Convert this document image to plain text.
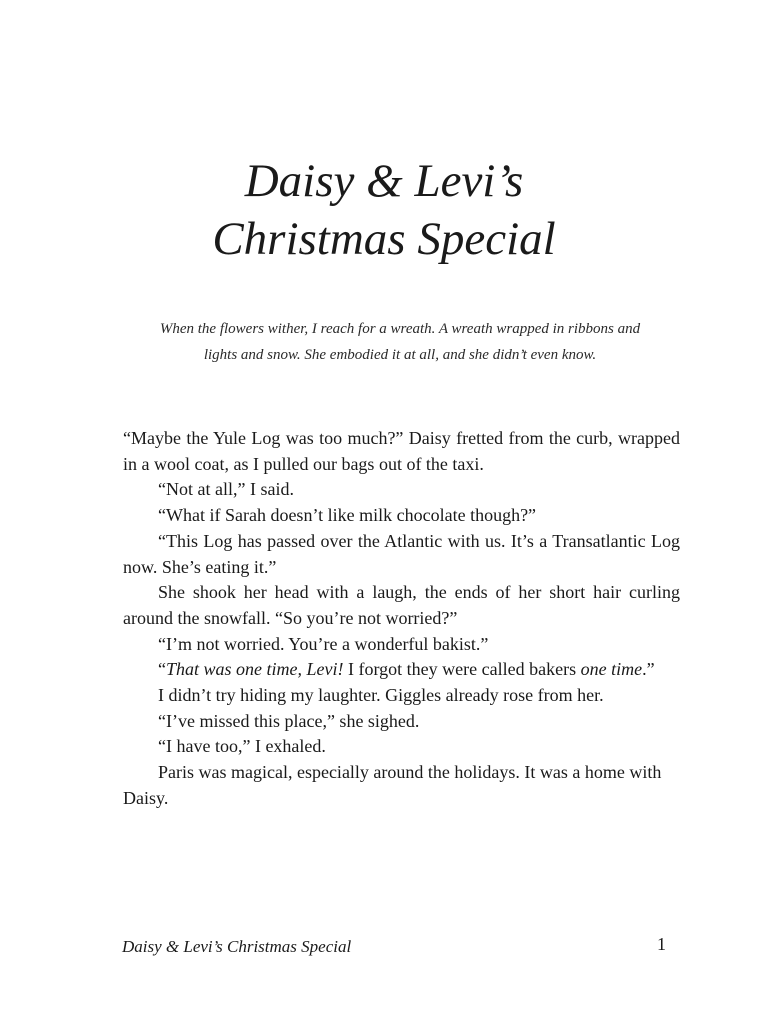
Daisy & Levi’s
Christmas Special
When the flowers wither, I reach for a wreath. A wreath wrapped in ribbons and
lights and snow. She embodied it at all, and she didn’t even know.

“Maybe the Yule Log was too much?” Daisy fretted from the curb, wrapped in a wool coat, as I pulled our bags out of the taxi.

“Not at all,” I said.

“What if Sarah doesn’t like milk chocolate though?”

“This Log has passed over the Atlantic with us. It’s a Transatlantic Log now. She’s eating it.”

She shook her head with a laugh, the ends of her short hair curling around the snowfall. “So you’re not worried?”

“I’m not worried. You’re a wonderful bakist.”

“That was one time, Levi! I forgot they were called bakers one time.”

I didn’t try hiding my laughter. Giggles already rose from her.

“I’ve missed this place,” she sighed.

“I have too,” I exhaled.

Paris was magical, especially around the holidays. It was a home with Daisy.

Daisy & Levi’s Christmas Special	1
